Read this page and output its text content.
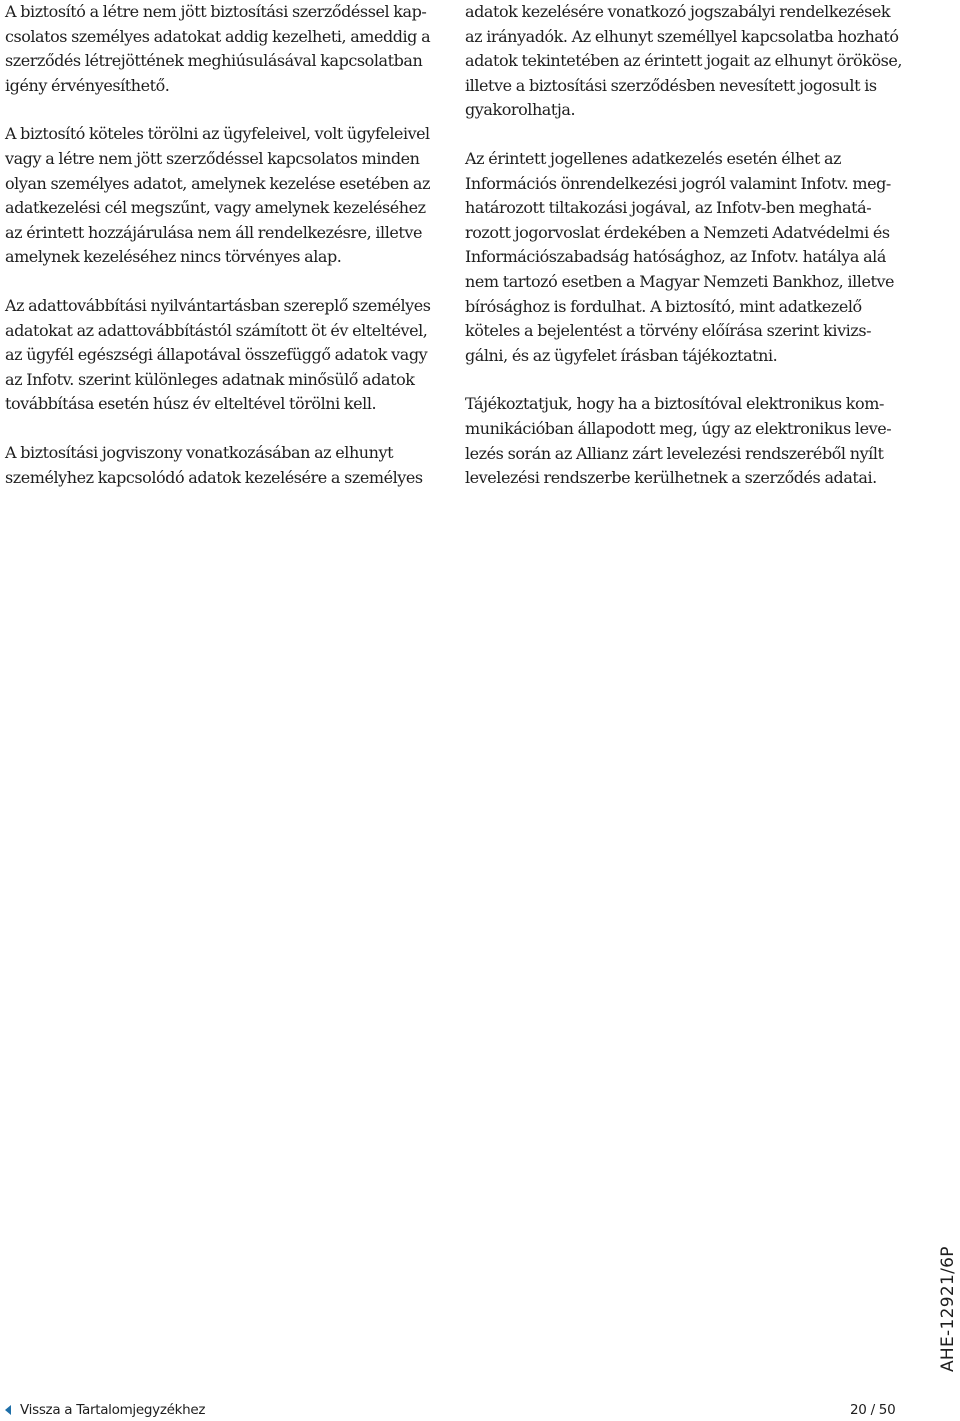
A biztosító a létre nem jött biztosítási szerződéssel kap-
csolatos személyes adatokat addig kezelheti, ameddig a
szerződés létrejöttének meghiúsulásával kapcsolatban
igény érvényesíthető.

A biztosító köteles törölni az ügyfeleivel, volt ügyfeleivel
vagy a létre nem jött szerződéssel kapcsolatos minden
olyan személyes adatot, amelynek kezelése esetében az
adatkezelési cél megszűnt, vagy amelynek kezeléséhez
az érintett hozzájárulása nem áll rendelkezésre, illetve
amelynek kezeléséhez nincs törvényes alap.

Az adattovábbítási nyilvántartásban szereplő személyes
adatokat az adattovábbítástól számított öt év elteltével,
az ügyfél egészségi állapotával összefüggő adatok vagy
az Infotv. szerint különleges adatnak minősülő adatok
továbbítása esetén húsz év elteltével törölni kell.

A biztosítási jogviszony vonatkozásában az elhunyt
személyhez kapcsolódó adatok kezelésére a személyes

adatok kezelésére vonatkozó jogszabályi rendelkezések
az irányadók. Az elhunyt személlyel kapcsolatba hozható
adatok tekintetében az érintett jogait az elhunyt örököse,
illetve a biztosítási szerződésben nevesített jogosult is
gyakorolhatja.

Az érintett jogellenes adatkezelés esetén élhet az
Információs önrendelkezési jogról valamint Infotv. meg-
határozott tiltakozási jogával, az Infotv-ben meghatá-
rozott jogorvoslat érdekében a Nemzeti Adatvédelmi és
Információszabadság hatósághoz, az Infotv. hatálya alá
nem tartozó esetben a Magyar Nemzeti Bankhoz, illetve
bírósághoz is fordulhat. A biztosító, mint adatkezelő
köteles a bejelentést a törvény előírása szerint kivizs-
gálni, és az ügyfelet írásban tájékoztatni.

Tájékoztatjuk, hogy ha a biztosítóval elektronikus kom-
munikációban állapodott meg, úgy az elektronikus leve-
lezés során az Allianz zárt levelezési rendszeréből nyílt
levelezési rendszerbe kerülhetnek a szerződés adatai.

AHE-12921/6P
Vissza a Tartalomjegyzékhez	20 / 50
